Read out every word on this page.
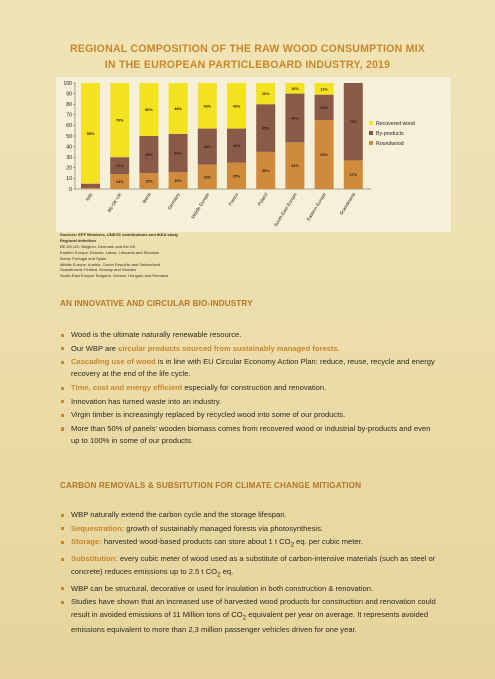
REGIONAL COMPOSITION OF THE RAW WOOD CONSUMPTION MIX
IN THE EUROPEAN PARTICLEBOARD INDUSTRY, 2019
0
10
20
30
40
50
60
70
80
90
100
95%
Italy
14%
16%
70%
BE-DK-UK
15%
35%
50%
Iberia
16%
36%
48%
Germany
23%
34%
43%
Middle Europe
25%
32%
43%
France
35%
45%
20%
Poland
44%
46%
10%
South-East Europe
65%
24%
11%
Eastern Europe
27%
73%
Scandinavia
Recovered wood
By-products
Roundwood
Sources: EPF Members, UNECE contributions and IKEA study
Regional definition
BE-DK-UK: Belgium, Denmark and the UK
Eastern Europe: Estonia, Latvia, Lithuania and Slovakia
Iberia: Portugal and Spain
Middle Europe: Austria, Czech Republic and Switzerland
Scandinavia: Finland, Norway and Sweden
South-East Europe: Bulgaria, Greece, Hungary and Romania
AN INNOVATIVE AND CIRCULAR BIO-INDUSTRY
Wood is the ultimate naturally renewable resource.
Our WBP are circular products sourced from sustainably managed forests.
Cascading use of wood is in line with EU Circular Economy Action Plan: reduce, reuse, recycle and energy recovery at the end of the life cycle.
Time, cost and energy efficient especially for construction and renovation.
Innovation has turned waste into an industry.
Virgin timber is increasingly replaced by recycled wood into some of our products.
More than 50% of panels’ wooden biomass comes from recovered wood or industrial by-products and even up to 100% in some of our products.
CARBON REMOVALS & SUBSITUTION FOR CLIMATE CHANGE MITIGATION
WBP naturally extend the carbon cycle and the storage lifespan.
Sequestration: growth of sustainably managed forests via photosynthesis.
Storage: harvested wood-based products can store about 1 t $CO_2$ eq. per cubic meter.
Substitution: every cubic meter of wood used as a substitute of carbon-intensive materials (such as steel or concrete) reduces emissions up to 2.5 t $CO_2$ eq.
WBP can be structural, decorative or used for insulation in both construction & renovation.
Studies have shown that an increased use of harvested wood products for construction and renovation could result in avoided emissions of 11 Million tons of $CO_2$ equivalent per year on average. It represents avoided emissions equivalent to more than 2,3 million passenger vehicles driven for one year.
